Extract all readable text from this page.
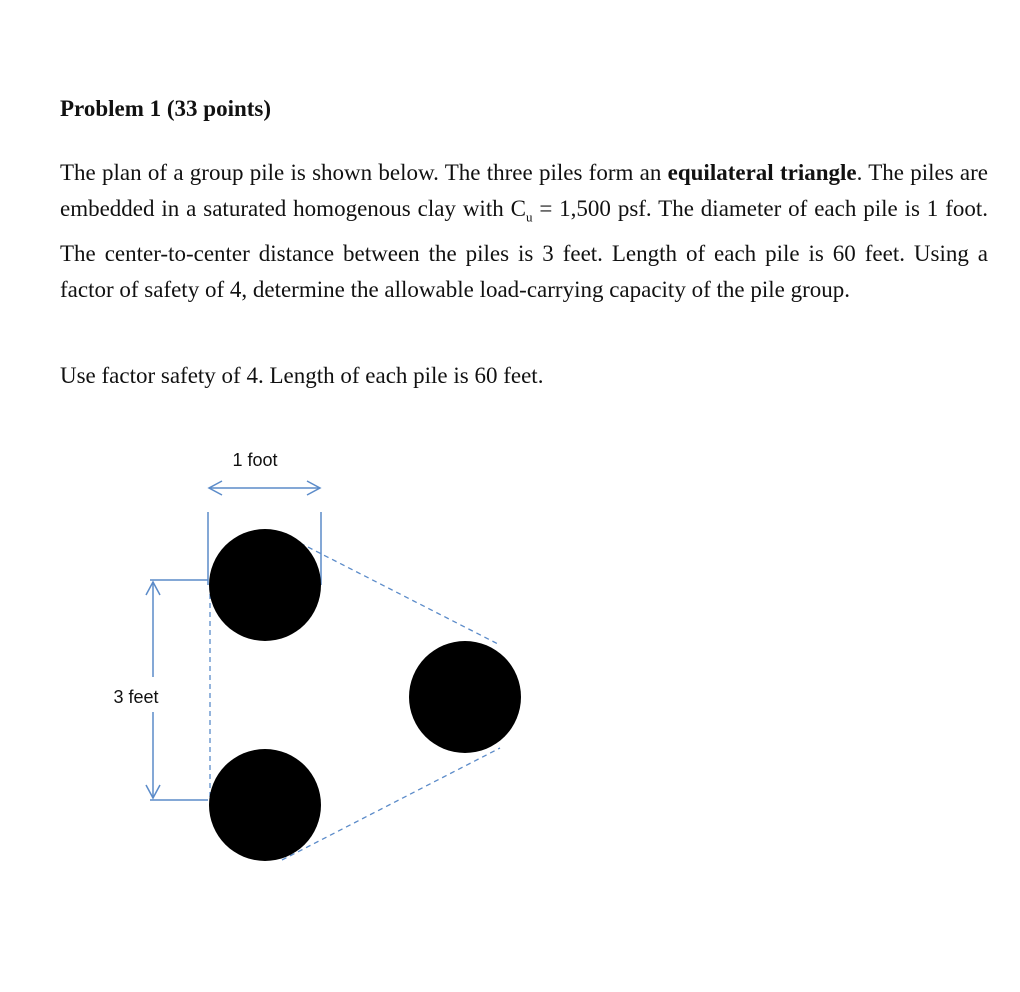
Problem 1 (33 points)

The plan of a group pile is shown below. The three piles form an equilateral triangle. The piles are embedded in a saturated homogenous clay with $C_u = 1,500$ psf. The diameter of each pile is 1 foot. The center-to-center distance between the piles is 3 feet. Length of each pile is 60 feet. Using a factor of safety of 4, determine the allowable load-carrying capacity of the pile group.

Use factor safety of 4. Length of each pile is 60 feet.

1 foot
3 feet
